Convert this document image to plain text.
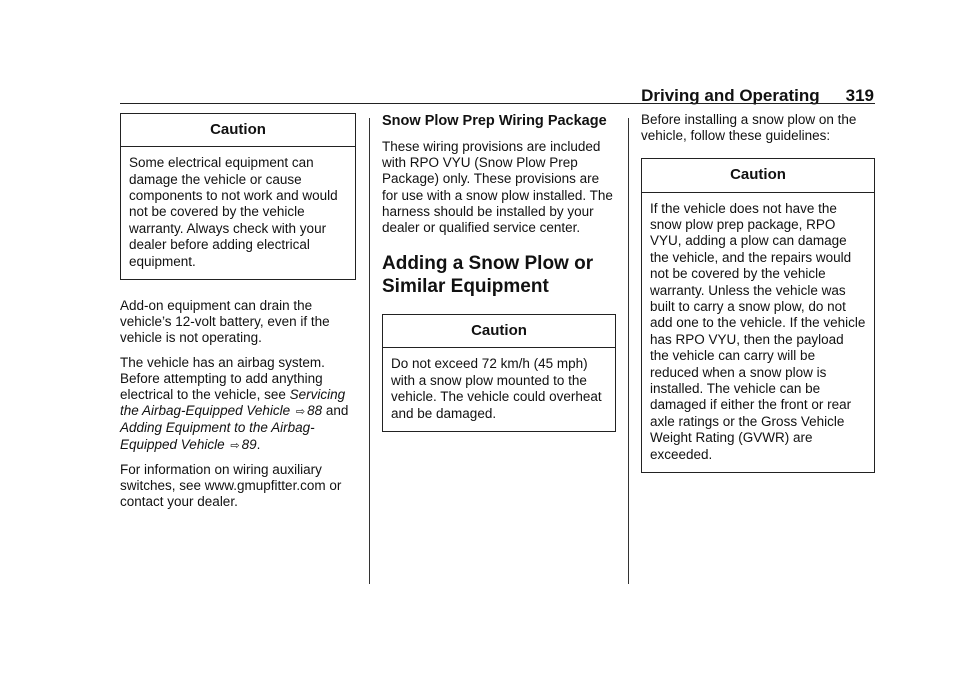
Driving and Operating 319
Caution
Some electrical equipment can damage the vehicle or cause components to not work and would not be covered by the vehicle warranty. Always check with your dealer before adding electrical equipment.

Add-on equipment can drain the vehicle’s 12-volt battery, even if the vehicle is not operating.

The vehicle has an airbag system. Before attempting to add anything electrical to the vehicle, see Servicing the Airbag-Equipped Vehicle ⇨ 88 and Adding Equipment to the Airbag-Equipped Vehicle ⇨ 89.

For information on wiring auxiliary switches, see www.gmupfitter.com or contact your dealer.

Snow Plow Prep Wiring Package

These wiring provisions are included with RPO VYU (Snow Plow Prep Package) only. These provisions are for use with a snow plow installed. The harness should be installed by your dealer or qualified service center.

Adding a Snow Plow or Similar Equipment
Caution
Do not exceed 72 km/h (45 mph) with a snow plow mounted to the vehicle. The vehicle could overheat and be damaged.

Before installing a snow plow on the vehicle, follow these guidelines:

Caution
If the vehicle does not have the snow plow prep package, RPO VYU, adding a plow can damage the vehicle, and the repairs would not be covered by the vehicle warranty. Unless the vehicle was built to carry a snow plow, do not add one to the vehicle. If the vehicle has RPO VYU, then the payload the vehicle can carry will be reduced when a snow plow is installed. The vehicle can be damaged if either the front or rear axle ratings or the Gross Vehicle Weight Rating (GVWR) are exceeded.
